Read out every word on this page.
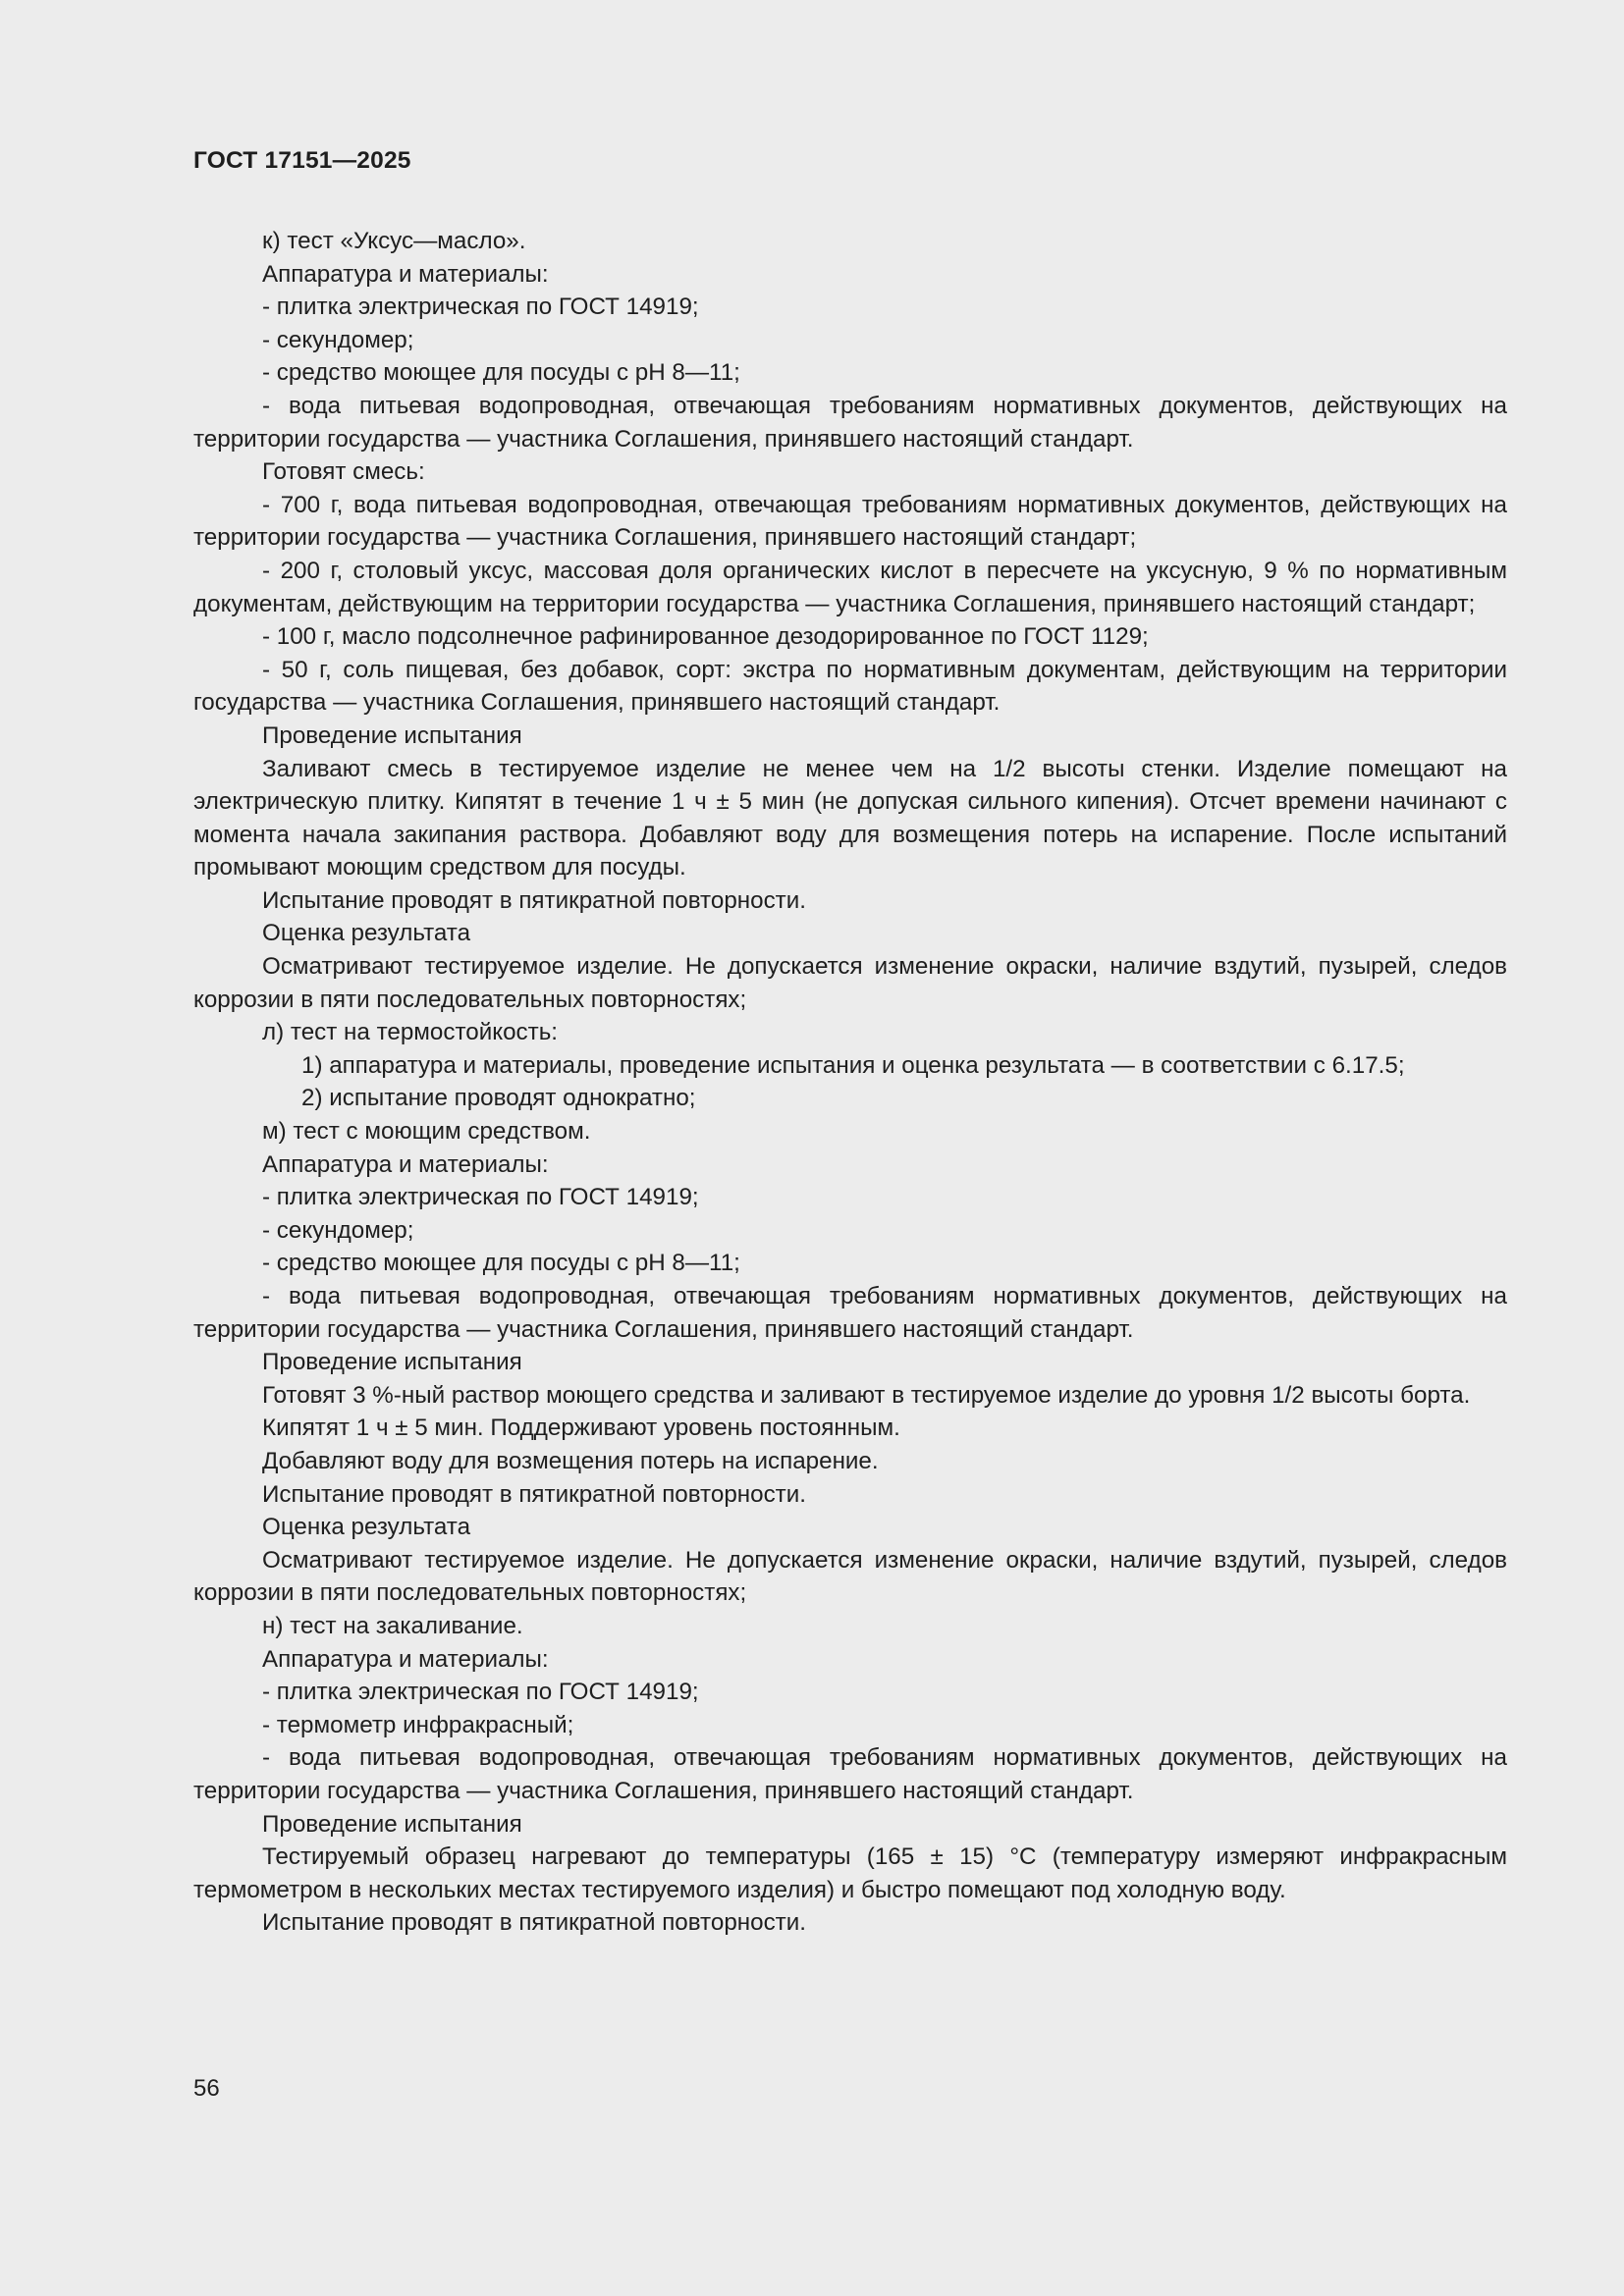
ГОСТ 17151—2025

к) тест «Уксус—масло».

Аппаратура и материалы:

- плитка электрическая по ГОСТ 14919;

- секундомер;

- средство моющее для посуды с pH 8—11;

- вода питьевая водопроводная, отвечающая требованиям нормативных документов, действующих на территории государства — участника Соглашения, принявшего настоящий стандарт.

Готовят смесь:

- 700 г, вода питьевая водопроводная, отвечающая требованиям нормативных документов, действующих на территории государства — участника Соглашения, принявшего настоящий стандарт;

- 200 г, столовый уксус, массовая доля органических кислот в пересчете на уксусную, 9 % по нормативным документам, действующим на территории государства — участника Соглашения, принявшего настоящий стандарт;

- 100 г, масло подсолнечное рафинированное дезодорированное по ГОСТ 1129;

- 50 г, соль пищевая, без добавок, сорт: экстра по нормативным документам, действующим на территории государства — участника Соглашения, принявшего настоящий стандарт.

Проведение испытания

Заливают смесь в тестируемое изделие не менее чем на 1/2 высоты стенки. Изделие помещают на электрическую плитку. Кипятят в течение 1 ч ± 5 мин (не допуская сильного кипения). Отсчет времени начинают с момента начала закипания раствора. Добавляют воду для возмещения потерь на испарение. После испытаний промывают моющим средством для посуды.

Испытание проводят в пятикратной повторности.

Оценка результата

Осматривают тестируемое изделие. Не допускается изменение окраски, наличие вздутий, пузырей, следов коррозии в пяти последовательных повторностях;

л) тест на термостойкость:

1) аппаратура и материалы, проведение испытания и оценка результата — в соответствии с 6.17.5;

2) испытание проводят однократно;

м) тест с моющим средством.

Аппаратура и материалы:

- плитка электрическая по ГОСТ 14919;

- секундомер;

- средство моющее для посуды с pH 8—11;

- вода питьевая водопроводная, отвечающая требованиям нормативных документов, действующих на территории государства — участника Соглашения, принявшего настоящий стандарт.

Проведение испытания

Готовят 3 %-ный раствор моющего средства и заливают в тестируемое изделие до уровня 1/2 высоты борта.

Кипятят 1 ч ± 5 мин. Поддерживают уровень постоянным.

Добавляют воду для возмещения потерь на испарение.

Испытание проводят в пятикратной повторности.

Оценка результата

Осматривают тестируемое изделие. Не допускается изменение окраски, наличие вздутий, пузырей, следов коррозии в пяти последовательных повторностях;

н) тест на закаливание.

Аппаратура и материалы:

- плитка электрическая по ГОСТ 14919;

- термометр инфракрасный;

- вода питьевая водопроводная, отвечающая требованиям нормативных документов, действующих на территории государства — участника Соглашения, принявшего настоящий стандарт.

Проведение испытания

Тестируемый образец нагревают до температуры (165 ± 15) °C (температуру измеряют инфракрасным термометром в нескольких местах тестируемого изделия) и быстро помещают под холодную воду.

Испытание проводят в пятикратной повторности.

56
